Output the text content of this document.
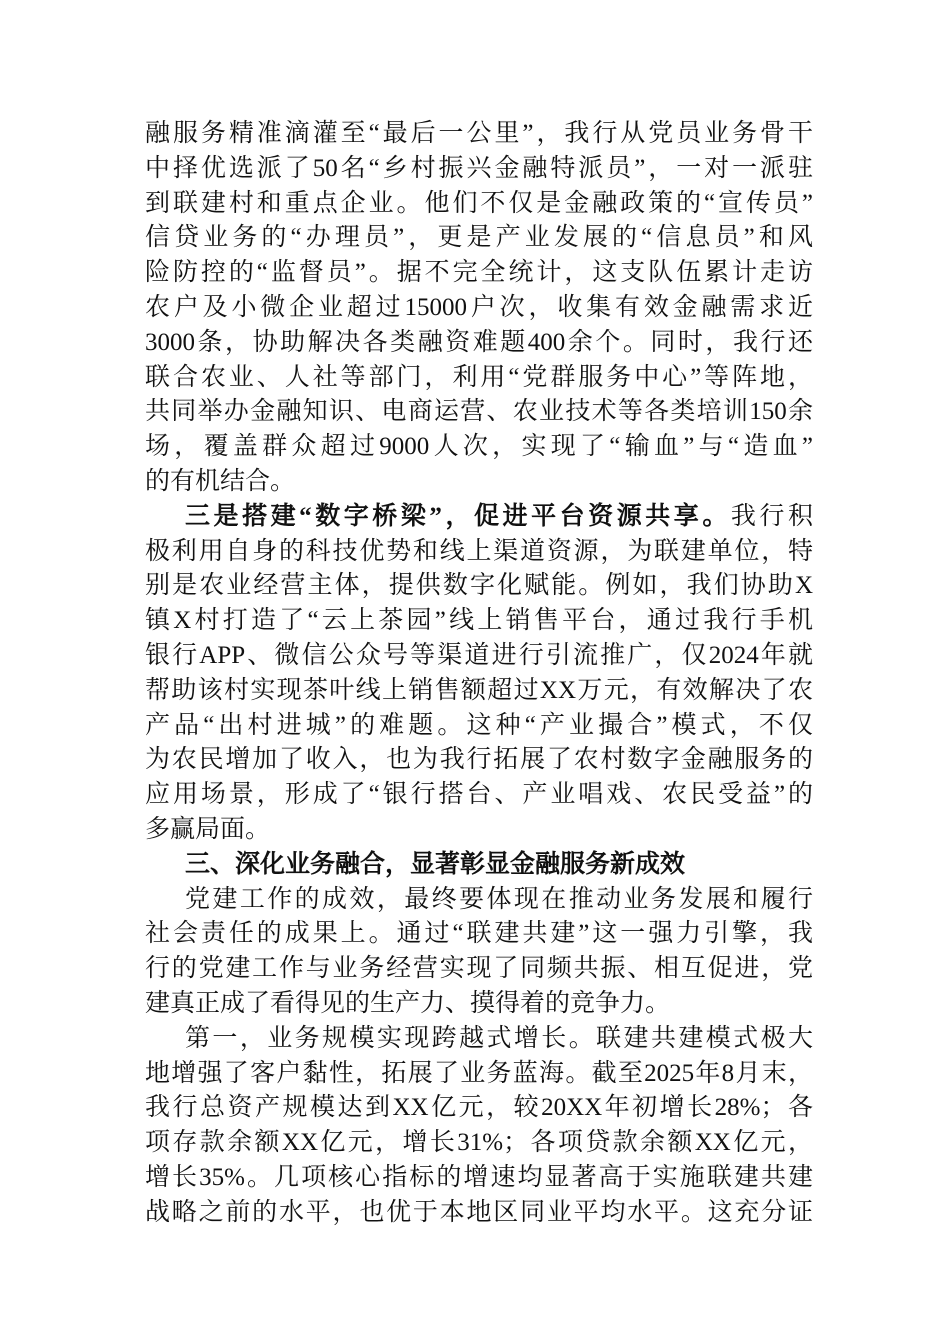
融服务精准滴灌至“最后一公里”，我行从党员业务骨干
中择优选派了50名“乡村振兴金融特派员”，一对一派驻
到联建村和重点企业。他们不仅是金融政策的“宣传员”
信贷业务的“办理员”，更是产业发展的“信息员”和风
险防控的“监督员”。据不完全统计，这支队伍累计走访
农户及小微企业超过15000户次，收集有效金融需求近
3000条，协助解决各类融资难题400余个。同时，我行还
联合农业、人社等部门，利用“党群服务中心”等阵地，
共同举办金融知识、电商运营、农业技术等各类培训150余
场，覆盖群众超过9000人次，实现了“输血”与“造血”
的有机结合。
三是搭建“数字桥梁”，促进平台资源共享。我行积
极利用自身的科技优势和线上渠道资源，为联建单位，特
别是农业经营主体，提供数字化赋能。例如，我们协助X
镇X村打造了“云上茶园”线上销售平台，通过我行手机
银行APP、微信公众号等渠道进行引流推广，仅2024年就
帮助该村实现茶叶线上销售额超过XX万元，有效解决了农
产品“出村进城”的难题。这种“产业撮合”模式，不仅
为农民增加了收入，也为我行拓展了农村数字金融服务的
应用场景，形成了“银行搭台、产业唱戏、农民受益”的
多赢局面。
三、深化业务融合，显著彰显金融服务新成效
党建工作的成效，最终要体现在推动业务发展和履行
社会责任的成果上。通过“联建共建”这一强力引擎，我
行的党建工作与业务经营实现了同频共振、相互促进，党
建真正成了看得见的生产力、摸得着的竞争力。
第一，业务规模实现跨越式增长。联建共建模式极大
地增强了客户黏性，拓展了业务蓝海。截至2025年8月末，
我行总资产规模达到XX亿元，较20XX年初增长28%；各
项存款余额XX亿元，增长31%；各项贷款余额XX亿元，
增长35%。几项核心指标的增速均显著高于实施联建共建
战略之前的水平，也优于本地区同业平均水平。这充分证
